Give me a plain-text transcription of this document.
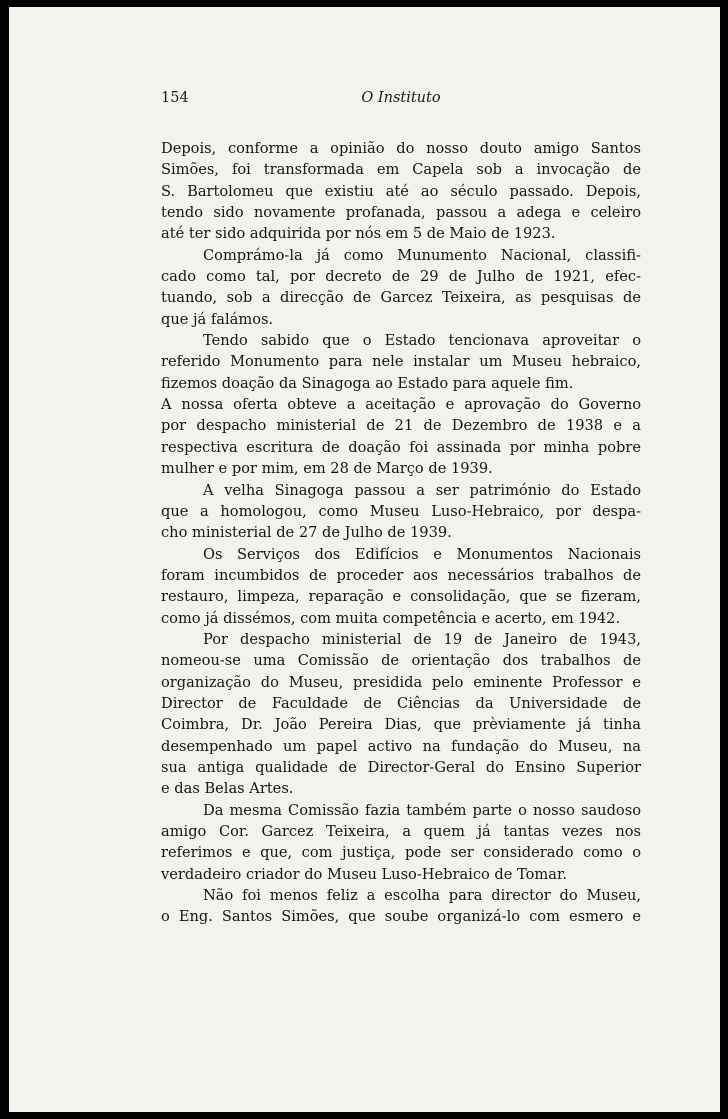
154	O Instituto
Depois, conforme a opinião do nosso douto amigo Santos
Simões, foi transformada em Capela sob a invocação de
S. Bartolomeu que existiu até ao século passado. Depois,
tendo sido novamente profanada, passou a adega e celeiro
até ter sido adquirida por nós em 5 de Maio de 1923.
Comprámo-la já como Munumento Nacional, classifi-
cado como tal, por decreto de 29 de Julho de 1921, efec-
tuando, sob a direcção de Garcez Teixeira, as pesquisas de
que já falámos.
Tendo sabido que o Estado tencionava aproveitar o
referido Monumento para nele instalar um Museu hebraico,
fizemos doação da Sinagoga ao Estado para aquele fim.
A nossa oferta obteve a aceitação e aprovação do Governo
por despacho ministerial de 21 de Dezembro de 1938 e a
respectiva escritura de doação foi assinada por minha pobre
mulher e por mim, em 28 de Março de 1939.
A velha Sinagoga passou a ser património do Estado
que a homologou, como Museu Luso-Hebraico, por despa-
cho ministerial de 27 de Julho de 1939.
Os Serviços dos Edifícios e Monumentos Nacionais
foram incumbidos de proceder aos necessários trabalhos de
restauro, limpeza, reparação e consolidação, que se fizeram,
como já dissémos, com muita competência e acerto, em 1942.
Por despacho ministerial de 19 de Janeiro de 1943,
nomeou-se uma Comissão de orientação dos trabalhos de
organização do Museu, presidida pelo eminente Professor e
Director de Faculdade de Ciências da Universidade de
Coimbra, Dr. João Pereira Dias, que prèviamente já tinha
desempenhado um papel activo na fundação do Museu, na
sua antiga qualidade de Director-Geral do Ensino Superior
e das Belas Artes.
Da mesma Comissão fazia também parte o nosso saudoso
amigo Cor. Garcez Teixeira, a quem já tantas vezes nos
referimos e que, com justiça, pode ser considerado como o
verdadeiro criador do Museu Luso-Hebraico de Tomar.
Não foi menos feliz a escolha para director do Museu,
o Eng. Santos Simões, que soube organizá-lo com esmero e
